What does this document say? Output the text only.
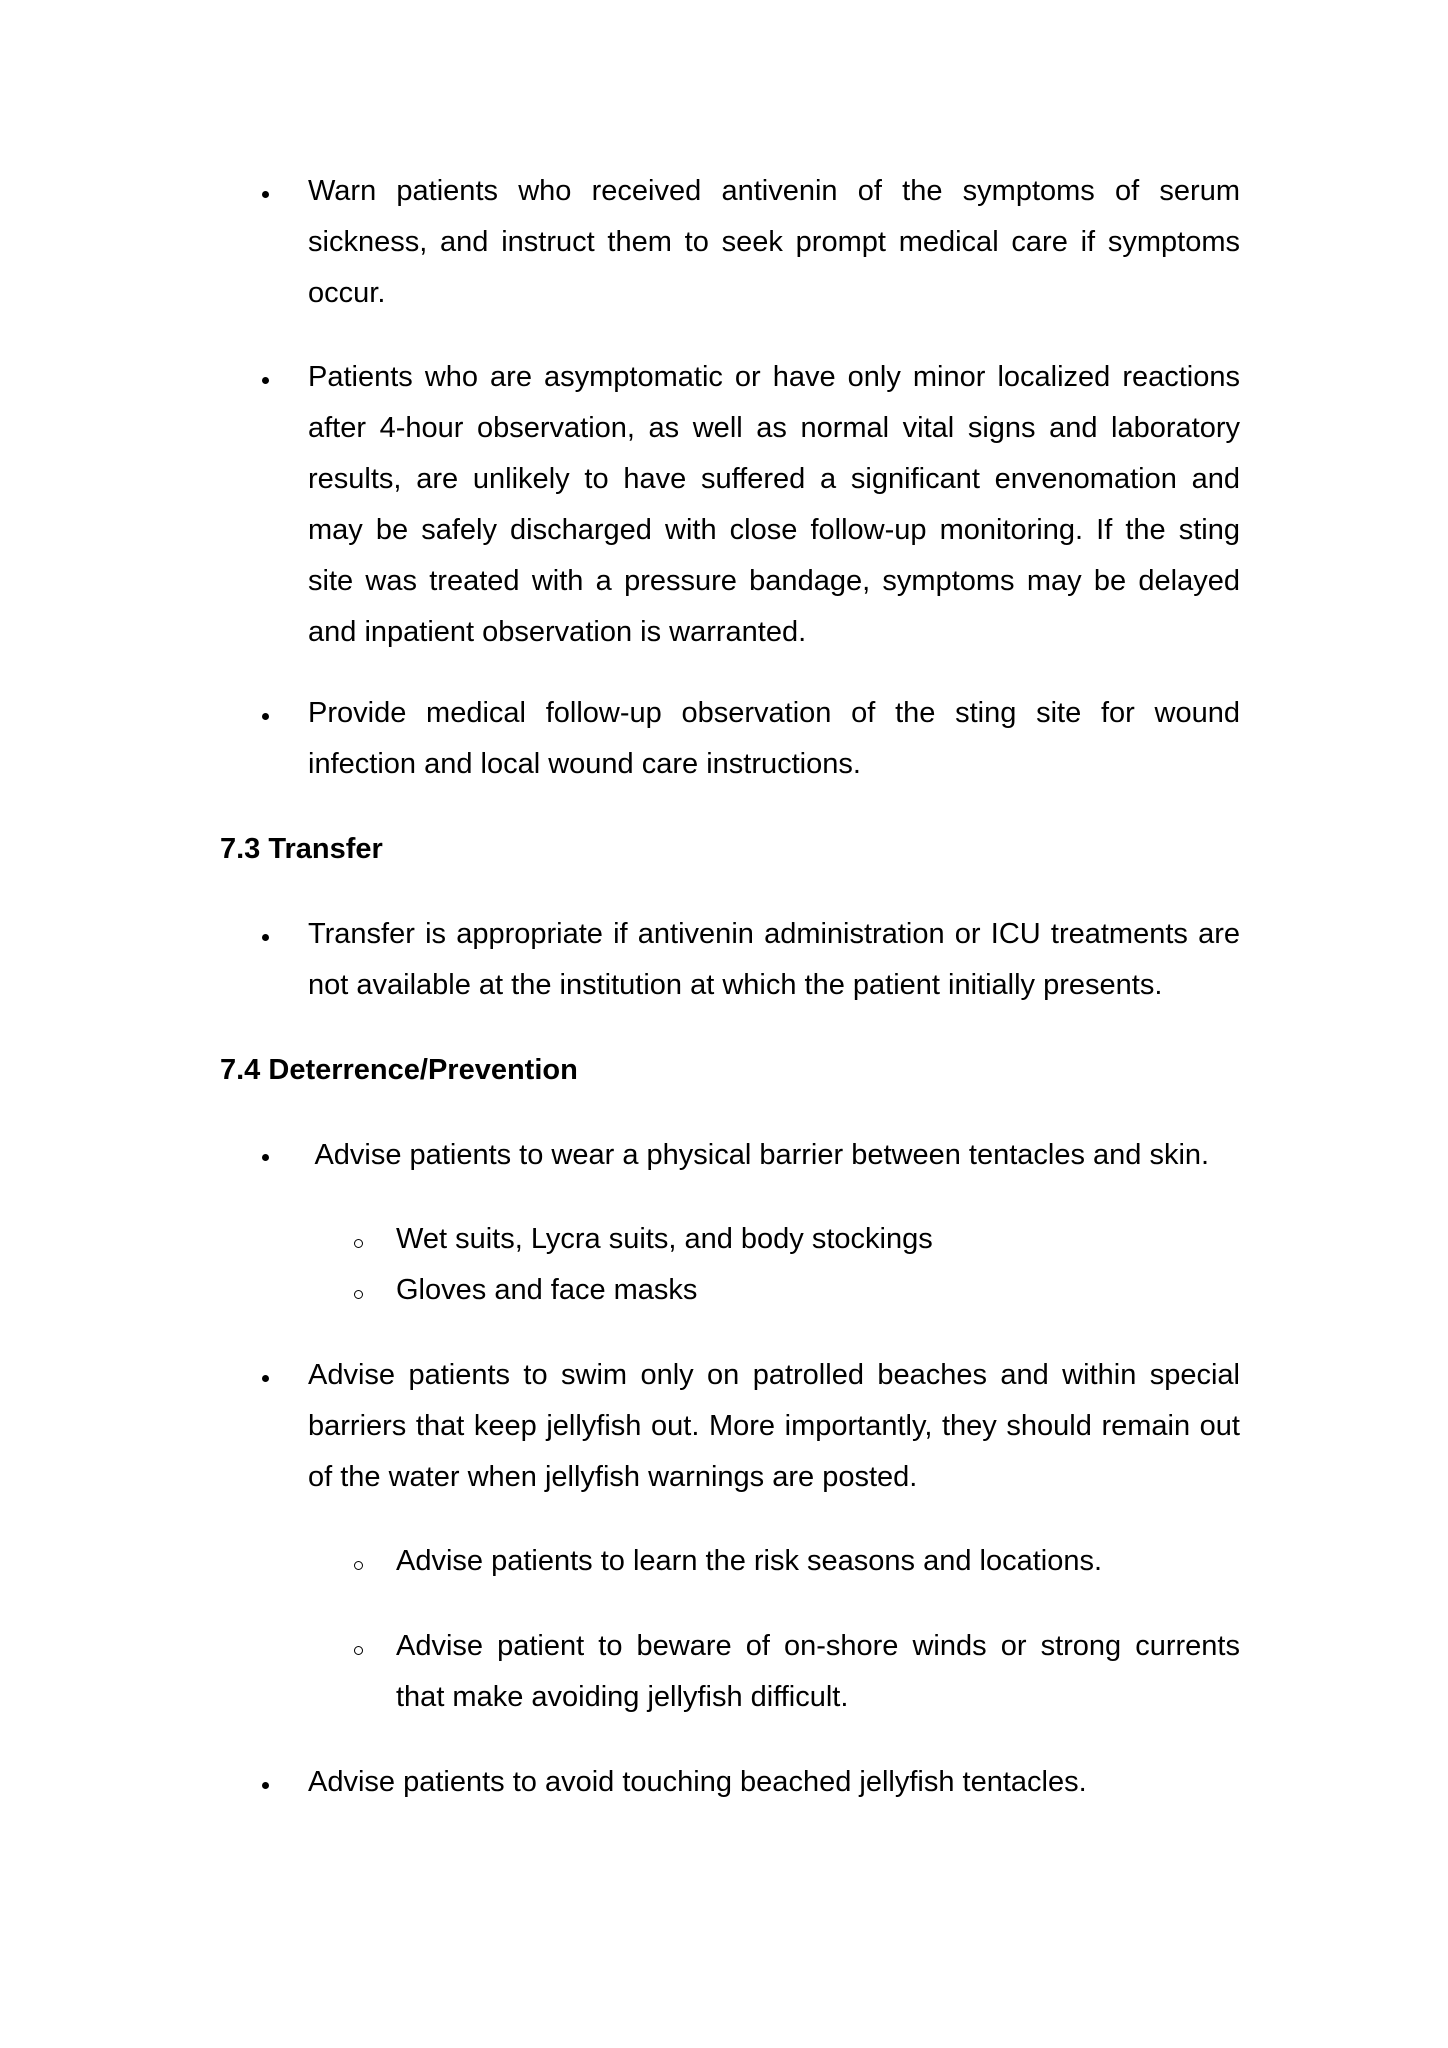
Warn patients who received antivenin of the symptoms of serum sickness, and instruct them to seek prompt medical care if symptoms occur.
Patients who are asymptomatic or have only minor localized reactions after 4-hour observation, as well as normal vital signs and laboratory results, are unlikely to have suffered a significant envenomation and may be safely discharged with close follow-up monitoring. If the sting site was treated with a pressure bandage, symptoms may be delayed and inpatient observation is warranted.
Provide medical follow-up observation of the sting site for wound infection and local wound care instructions.
7.3 Transfer
Transfer is appropriate if antivenin administration or ICU treatments are not available at the institution at which the patient initially presents.
7.4 Deterrence/Prevention
Advise patients to wear a physical barrier between tentacles and skin.
Wet suits, Lycra suits, and body stockings
Gloves and face masks
Advise patients to swim only on patrolled beaches and within special barriers that keep jellyfish out. More importantly, they should remain out of the water when jellyfish warnings are posted.
Advise patients to learn the risk seasons and locations.
Advise patient to beware of on-shore winds or strong currents that make avoiding jellyfish difficult.
Advise patients to avoid touching beached jellyfish tentacles.
